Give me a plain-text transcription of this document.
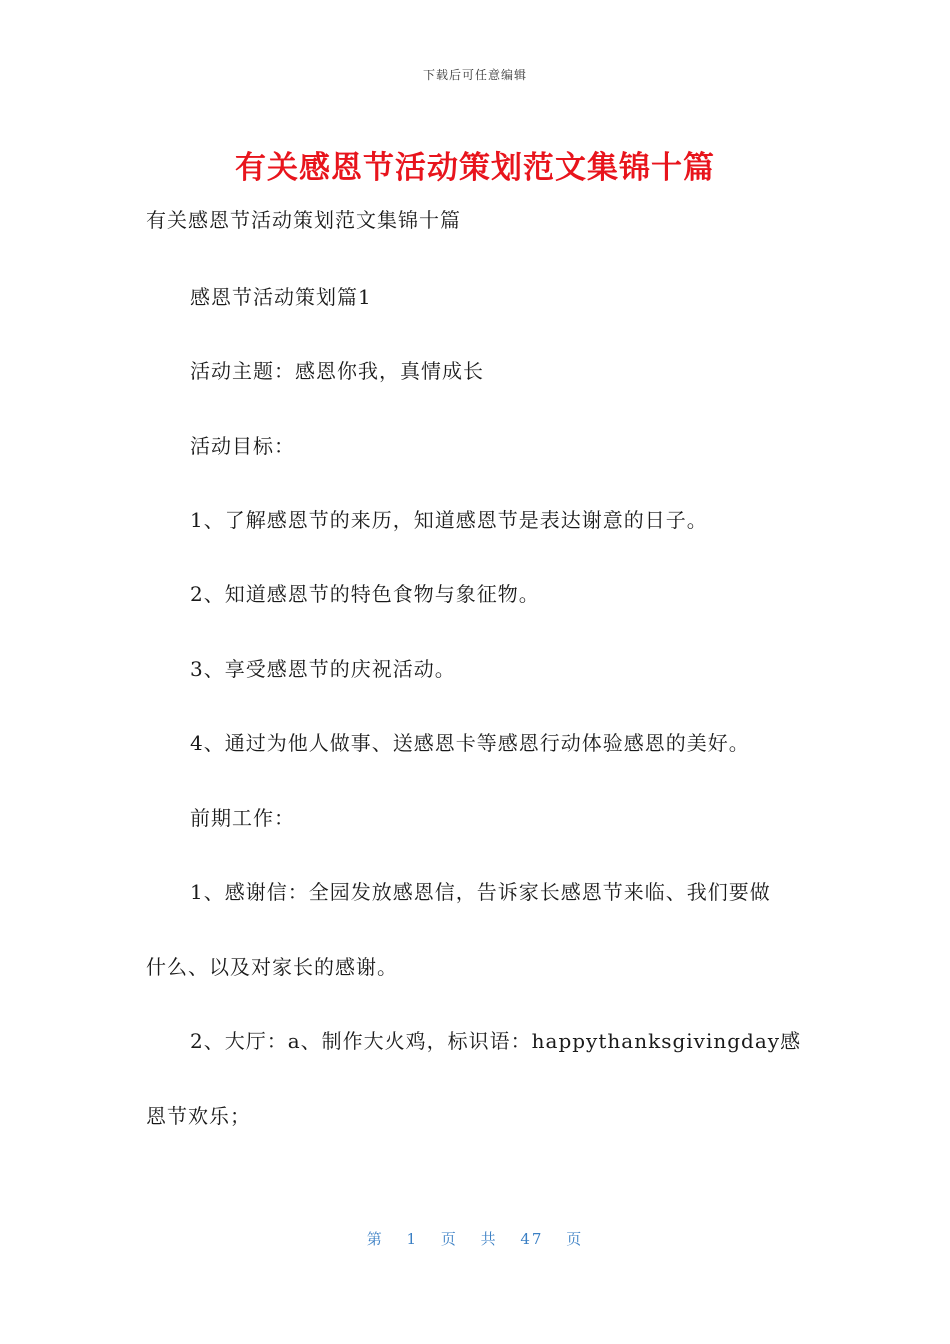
下载后可任意编辑
有关感恩节活动策划范文集锦十篇
有关感恩节活动策划范文集锦十篇
感恩节活动策划篇1
活动主题：感恩你我，真情成长
活动目标：
1、了解感恩节的来历，知道感恩节是表达谢意的日子。
2、知道感恩节的特色食物与象征物。
3、享受感恩节的庆祝活动。
4、通过为他人做事、送感恩卡等感恩行动体验感恩的美好。
前期工作：
1、感谢信：全园发放感恩信，告诉家长感恩节来临、我们要做
什么、以及对家长的感谢。
2、大厅：a、制作大火鸡，标识语：happythanksgivingday感
恩节欢乐；
第 1 页 共 47 页
